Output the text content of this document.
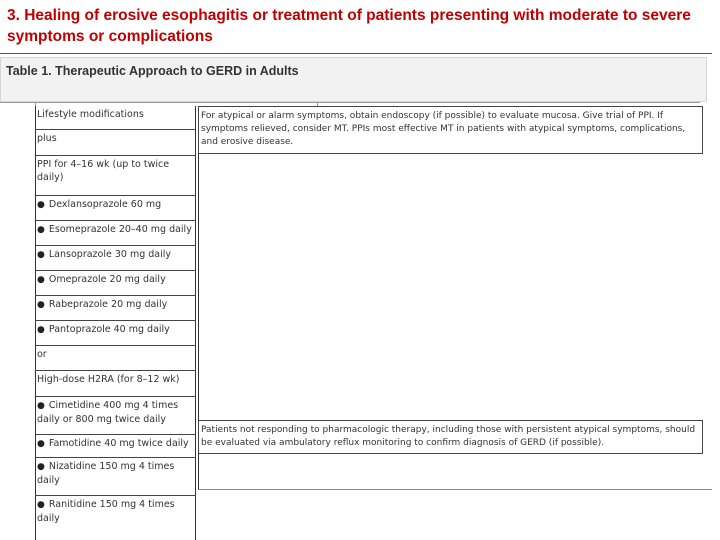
3. Healing of erosive esophagitis or treatment of patients presenting with moderate to severe symptoms or complications
Table 1. Therapeutic Approach to GERD in Adults
For atypical or alarm symptoms, obtain endoscopy (if possible) to evaluate mucosa. Give trial of PPI. If symptoms relieved, consider MT. PPIs most effective MT in patients with atypical symptoms, complications, and erosive disease.
Patients not responding to pharmacologic therapy, including those with persistent atypical symptoms, should be evaluated via ambulatory reflux monitoring to confirm diagnosis of GERD (if possible).
Lifestyle modifications
plus
PPI for 4–16 wk (up to twice daily)
● Dexlansoprazole 60 mg
● Esomeprazole 20–40 mg daily
● Lansoprazole 30 mg daily
● Omeprazole 20 mg daily
● Rabeprazole 20 mg daily
● Pantoprazole 40 mg daily
or
High-dose H2RA (for 8–12 wk)
● Cimetidine 400 mg 4 times daily or 800 mg twice daily
● Famotidine 40 mg twice daily
● Nizatidine 150 mg 4 times daily
● Ranitidine 150 mg 4 times daily
